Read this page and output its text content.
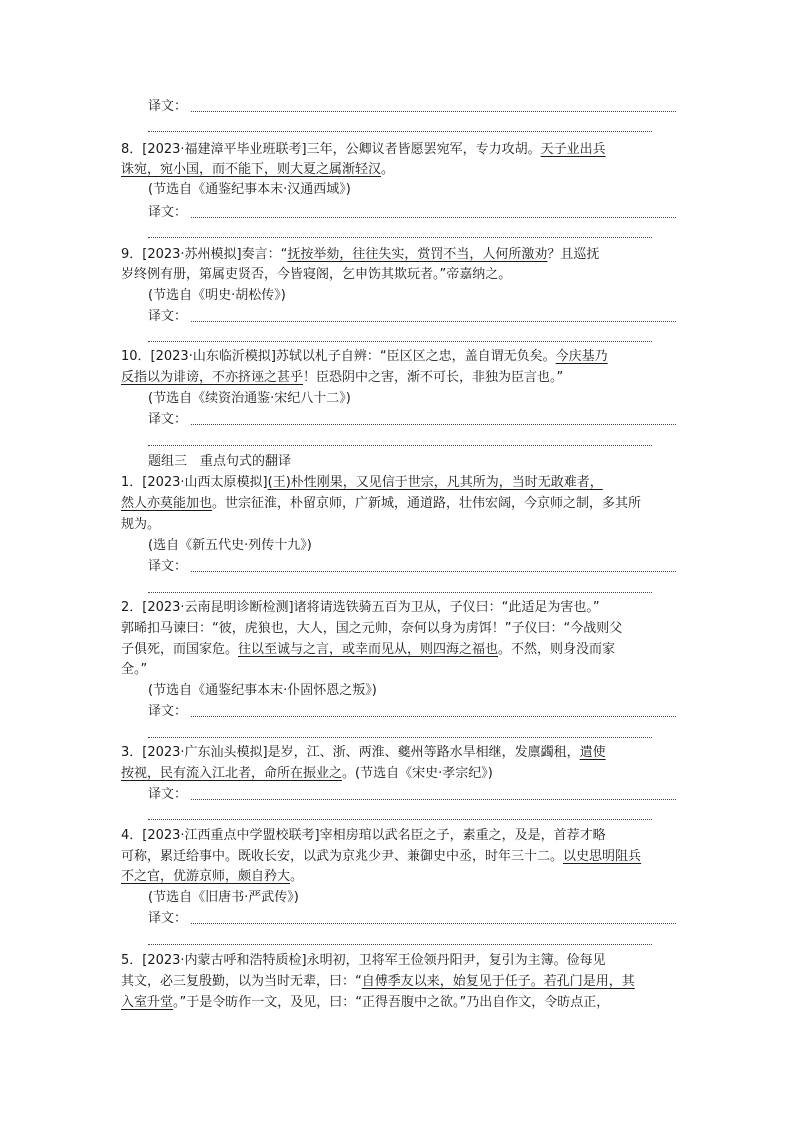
译文：
8．[2023·福建漳平毕业班联考]三年，公卿议者皆愿罢宛军，专力攻胡。天子业出兵
诛宛，宛小国，而不能下，则大夏之属渐轻汉。
(节选自《通鉴纪事本末·汉通西域》)
译文：
9．[2023·苏州模拟]奏言：“抚按举劾，往往失实，赏罚不当，人何所激劝？且巡抚
岁终例有册，第属吏贤否，今皆寝阁，乞申饬其欺玩者。”帝嘉纳之。
(节选自《明史·胡松传》)
译文：
10．[2023·山东临沂模拟]苏轼以札子自辨：“臣区区之忠，盖自谓无负矣。今庆基乃
反指以为诽谤，不亦挤诬之甚乎！臣恐阴中之害，渐不可长，非独为臣言也。”
(节选自《续资治通鉴·宋纪八十二》)
译文：
题组三　重点句式的翻译
1．[2023·山西太原模拟](王)朴性刚果，又见信于世宗，凡其所为，当时无敢难者，
然人亦莫能加也。世宗征淮，朴留京师，广新城，通道路，壮伟宏阔，今京师之制，多其所
规为。
(选自《新五代史·列传十九》)
译文：
2．[2023·云南昆明诊断检测]诸将请选铁骑五百为卫从，子仪曰：“此适足为害也。”
郭晞扣马谏曰：“彼，虎狼也，大人，国之元帅，奈何以身为虏饵！”子仪曰：“今战则父
子俱死，而国家危。往以至诚与之言，或幸而见从，则四海之福也。不然，则身没而家
全。”
(节选自《通鉴纪事本末·仆固怀恩之叛》)
译文：
3．[2023·广东汕头模拟]是岁，江、浙、两淮、夔州等路水旱相继，发廪蠲租，遣使
按视，民有流入江北者，命所在振业之。(节选自《宋史·孝宗纪》)
译文：
4．[2023·江西重点中学盟校联考]宰相房琯以武名臣之子，素重之，及是，首荐才略
可称，累迁给事中。既收长安，以武为京兆少尹、兼御史中丞，时年三十二。以史思明阻兵
不之官，优游京师，颇自矜大。
(节选自《旧唐书·严武传》)
译文：
5．[2023·内蒙古呼和浩特质检]永明初，卫将军王俭领丹阳尹，复引为主簿。俭每见
其文，必三复殷勤，以为当时无辈，曰：“自傅季友以来，始复见于任子。若孔门是用，其
入室升堂。”于是令昉作一文，及见，曰：“正得吾腹中之欲。”乃出自作文，令昉点正，
